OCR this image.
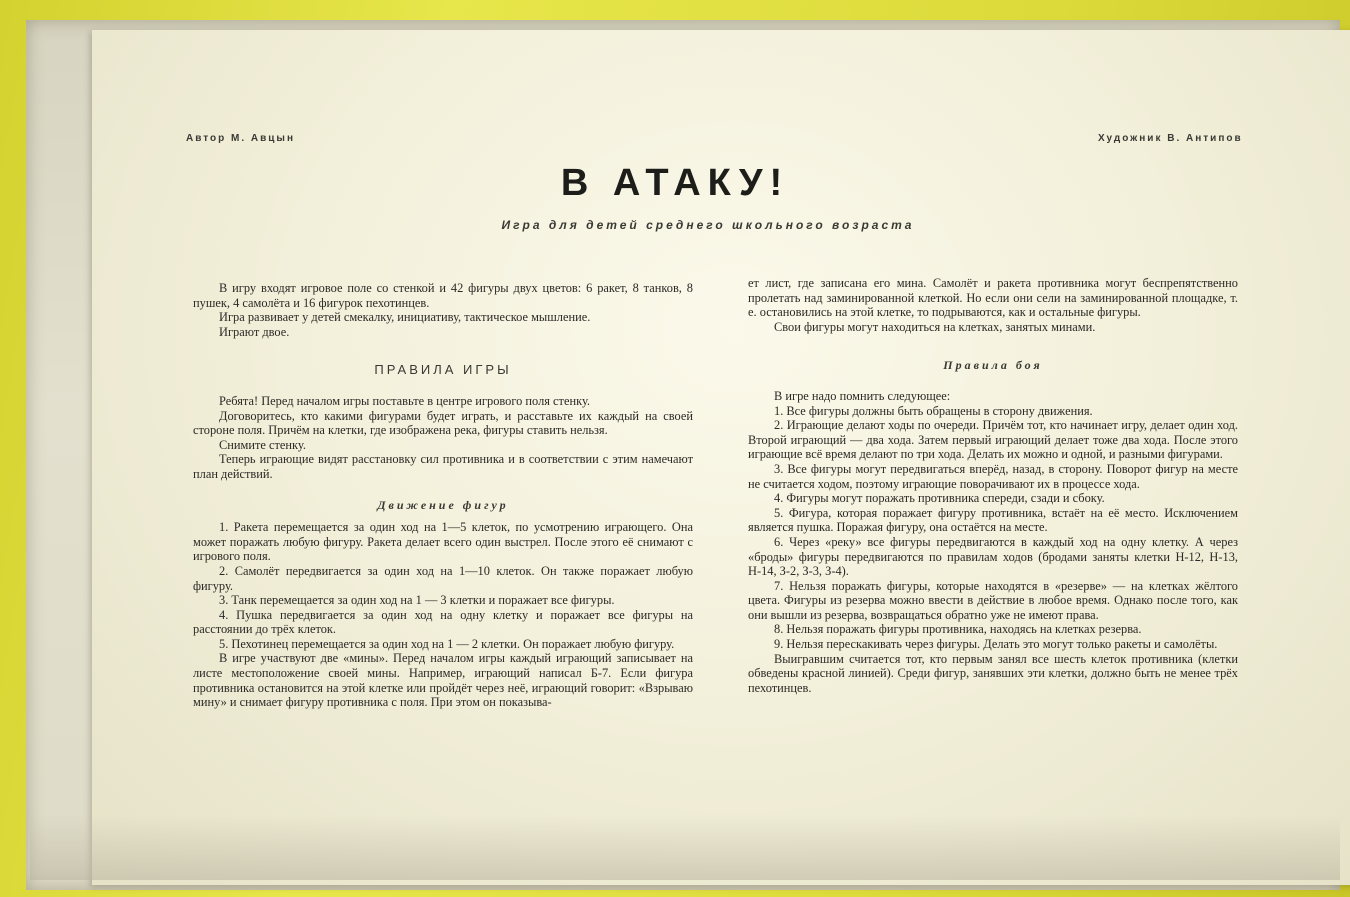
Автор М. Авцын	Художник В. Антипов
В АТАКУ!
Игра для детей среднего школьного возраста

В игру входят игровое поле со стенкой и 42 фигуры двух цветов: 6 ракет, 8 танков, 8 пушек, 4 самолёта и 16 фигурок пехотинцев.

Игра развивает у детей смекалку, инициативу, тактическое мышление.

Играют двое.

ПРАВИЛА ИГРЫ

Ребята! Перед началом игры поставьте в центре игрового поля стенку.

Договоритесь, кто какими фигурами будет играть, и расставьте их каждый на своей стороне поля. Причём на клетки, где изображена река, фигуры ставить нельзя.

Снимите стенку.

Теперь играющие видят расстановку сил противника и в соответствии с этим намечают план действий.

Движение фигур

1. Ракета перемещается за один ход на 1—5 клеток, по усмотрению играющего. Она может поражать любую фигуру. Ракета делает всего один выстрел. После этого её снимают с игрового поля.

2. Самолёт передвигается за один ход на 1—10 клеток. Он также поражает любую фигуру.

3. Танк перемещается за один ход на 1 — 3 клетки и поражает все фигуры.

4. Пушка передвигается за один ход на одну клетку и поражает все фигуры на расстоянии до трёх клеток.

5. Пехотинец перемещается за один ход на 1 — 2 клетки. Он поражает любую фигуру.

В игре участвуют две «мины». Перед началом игры каждый играющий записывает на листе местоположение своей мины. Например, играющий написал Б-7. Если фигура противника остановится на этой клетке или пройдёт через неё, играющий говорит: «Взрываю мину» и снимает фигуру противника с поля. При этом он показыва-

ет лист, где записана его мина. Самолёт и ракета противника могут беспрепятственно пролетать над заминированной клеткой. Но если они сели на заминированной площадке, т. е. остановились на этой клетке, то подрываются, как и остальные фигуры.

Свои фигуры могут находиться на клетках, занятых минами.

Правила боя

В игре надо помнить следующее:

1. Все фигуры должны быть обращены в сторону движения.

2. Играющие делают ходы по очереди. Причём тот, кто начинает игру, делает один ход. Второй играющий — два хода. Затем первый играющий делает тоже два хода. После этого играющие всё время делают по три хода. Делать их можно и одной, и разными фигурами.

3. Все фигуры могут передвигаться вперёд, назад, в сторону. Поворот фигур на месте не считается ходом, поэтому играющие поворачивают их в процессе хода.

4. Фигуры могут поражать противника спереди, сзади и сбоку.

5. Фигура, которая поражает фигуру противника, встаёт на её место. Исключением является пушка. Поражая фигуру, она остаётся на месте.

6. Через «реку» все фигуры передвигаются в каждый ход на одну клетку. А через «броды» фигуры передвигаются по правилам ходов (бродами заняты клетки Н-12, Н-13, Н-14, З-2, З-3, З-4).

7. Нельзя поражать фигуры, которые находятся в «резерве» — на клетках жёлтого цвета. Фигуры из резерва можно ввести в действие в любое время. Однако после того, как они вышли из резерва, возвращаться обратно уже не имеют права.

8. Нельзя поражать фигуры противника, находясь на клетках резерва.

9. Нельзя перескакивать через фигуры. Делать это могут только ракеты и самолёты.

Выигравшим считается тот, кто первым занял все шесть клеток противника (клетки обведены красной линией). Среди фигур, занявших эти клетки, должно быть не менее трёх пехотинцев.
